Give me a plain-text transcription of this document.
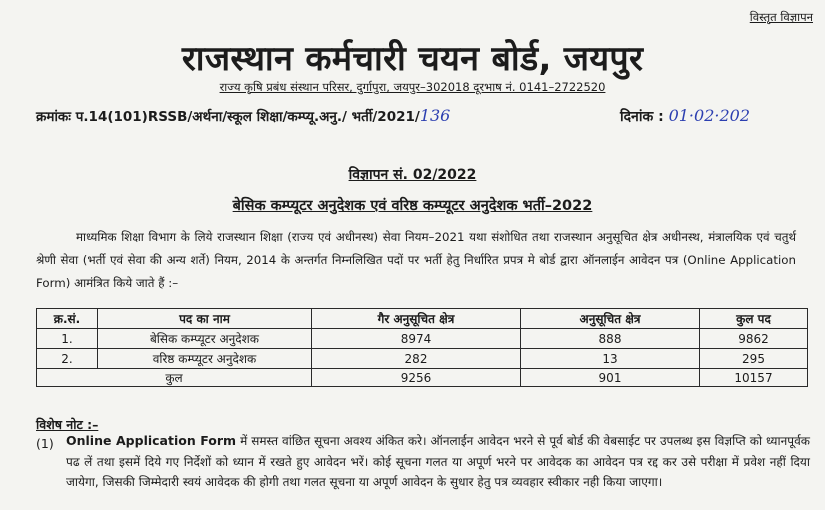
विस्तृत विज्ञापन
राजस्थान कर्मचारी चयन बोर्ड, जयपुर
राज्य कृषि प्रबंध संस्थान परिसर, दुर्गापुरा, जयपुर–302018 दूरभाष नं. 0141–2722520
क्रमांकः प.14(101)RSSB/अर्थना/स्कूल शिक्षा/कम्प्यू.अनु./ भर्ती/2021/136	दिनांक : 01·02·202
विज्ञापन सं. 02/2022
बेसिक कम्प्यूटर अनुदेशक एवं वरिष्ठ कम्प्यूटर अनुदेशक भर्ती–2022
माध्यमिक शिक्षा विभाग के लिये राजस्थान शिक्षा (राज्य एवं अधीनस्थ) सेवा नियम–2021 यथा संशोधित तथा राजस्थान अनुसूचित क्षेत्र अधीनस्थ, मंत्रालयिक एवं चतुर्थ श्रेणी सेवा (भर्ती एवं सेवा की अन्य शर्ते) नियम, 2014 के अन्तर्गत निम्नलिखित पदों पर भर्ती हेतु निर्धारित प्रपत्र मे बोर्ड द्वारा ऑनलाईन आवेदन पत्र (Online Application Form) आमंत्रित किये जाते हैं :–
क्र.सं.	पद का नाम	गैर अनुसूचित क्षेत्र	अनुसूचित क्षेत्र	कुल पद
1.	बेसिक कम्प्यूटर अनुदेशक	8974	888	9862
2.	वरिष्ठ कम्प्यूटर अनुदेशक	282	13	295
कुल		9256	901	10157
विशेष नोट :–
(1) Online Application Form में समस्त वांछित सूचना अवश्य अंकित करे। ऑनलाईन आवेदन भरने से पूर्व बोर्ड की वेबसाईट पर उपलब्ध इस विज्ञप्ति को ध्यानपूर्वक पढ लें तथा इसमें दिये गए निर्देशों को ध्यान में रखते हुए आवेदन भरें। कोई सूचना गलत या अपूर्ण भरने पर आवेदक का आवेदन पत्र रद्द कर उसे परीक्षा में प्रवेश नहीं दिया जायेगा, जिसकी जिम्मेदारी स्वयं आवेदक की होगी तथा गलत सूचना या अपूर्ण आवेदन के सुधार हेतु पत्र व्यवहार स्वीकार नही किया जाएगा।
